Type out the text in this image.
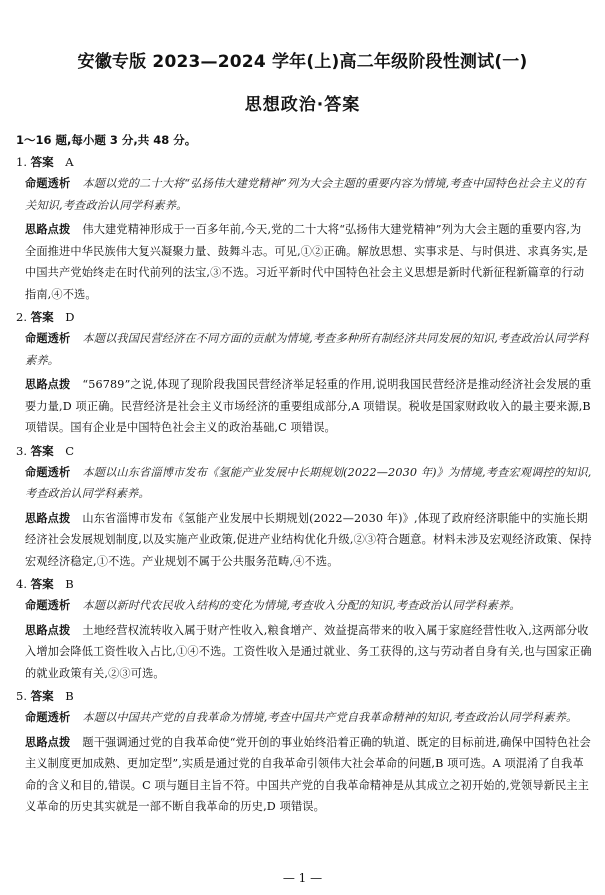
安徽专版 2023—2024 学年(上)高二年级阶段性测试(一)
思想政治·答案
1～16 题,每小题 3 分,共 48 分。
1. 答案 A
命题透析 本题以党的二十大将“弘扬伟大建党精神”列为大会主题的重要内容为情境,考查中国特色社会主义的有关知识,考查政治认同学科素养。
思路点拨 伟大建党精神形成于一百多年前,今天,党的二十大将“弘扬伟大建党精神”列为大会主题的重要内容,为全面推进中华民族伟大复兴凝聚力量、鼓舞斗志。可见,①②正确。解放思想、实事求是、与时俱进、求真务实,是中国共产党始终走在时代前列的法宝,③不选。习近平新时代中国特色社会主义思想是新时代新征程新篇章的行动指南,④不选。
2. 答案 D
命题透析 本题以我国民营经济在不同方面的贡献为情境,考查多种所有制经济共同发展的知识,考查政治认同学科素养。
思路点拨 “56789”之说,体现了现阶段我国民营经济举足轻重的作用,说明我国民营经济是推动经济社会发展的重要力量,D 项正确。民营经济是社会主义市场经济的重要组成部分,A 项错误。税收是国家财政收入的最主要来源,B 项错误。国有企业是中国特色社会主义的政治基础,C 项错误。
3. 答案 C
命题透析 本题以山东省淄博市发布《氢能产业发展中长期规划(2022—2030 年)》为情境,考查宏观调控的知识,考查政治认同学科素养。
思路点拨 山东省淄博市发布《氢能产业发展中长期规划(2022—2030 年)》,体现了政府经济职能中的实施长期经济社会发展规划制度,以及实施产业政策,促进产业结构优化升级,②③符合题意。材料未涉及宏观经济政策、保持宏观经济稳定,①不选。产业规划不属于公共服务范畴,④不选。
4. 答案 B
命题透析 本题以新时代农民收入结构的变化为情境,考查收入分配的知识,考查政治认同学科素养。
思路点拨 土地经营权流转收入属于财产性收入,粮食增产、效益提高带来的收入属于家庭经营性收入,这两部分收入增加会降低工资性收入占比,①④不选。工资性收入是通过就业、务工获得的,这与劳动者自身有关,也与国家正确的就业政策有关,②③可选。
5. 答案 B
命题透析 本题以中国共产党的自我革命为情境,考查中国共产党自我革命精神的知识,考查政治认同学科素养。
思路点拨 题干强调通过党的自我革命使“党开创的事业始终沿着正确的轨道、既定的目标前进,确保中国特色社会主义制度更加成熟、更加定型”,实质是通过党的自我革命引领伟大社会革命的问题,B 项可选。A 项混淆了自我革命的含义和目的,错误。C 项与题目主旨不符。中国共产党的自我革命精神是从其成立之初开始的,党领导新民主主义革命的历史其实就是一部不断自我革命的历史,D 项错误。
— 1 —
